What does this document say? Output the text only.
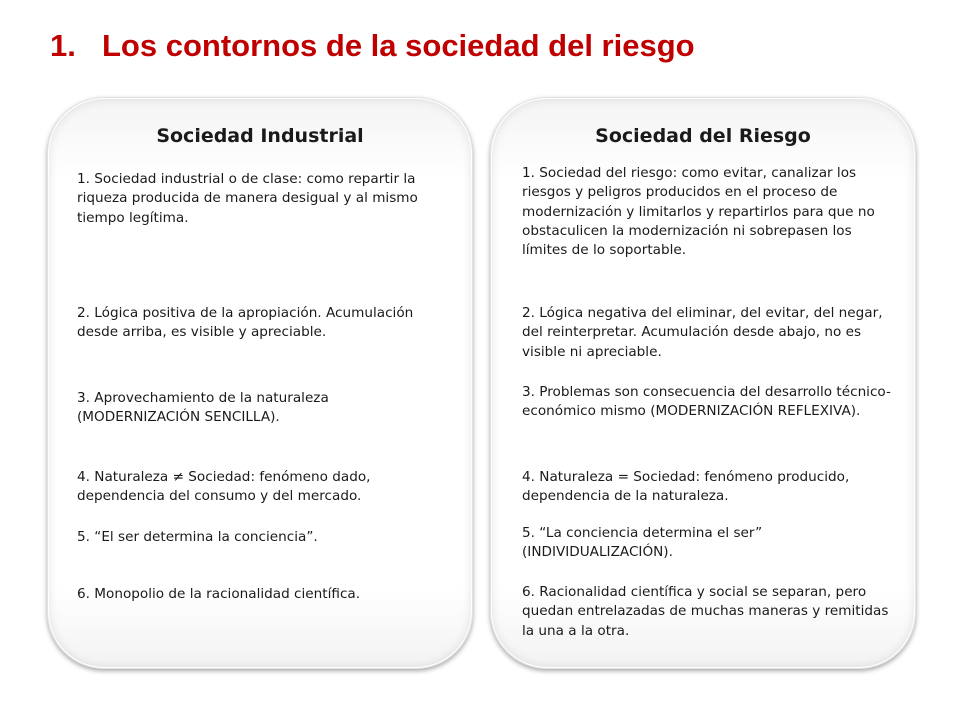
1. Los contornos de la sociedad del riesgo
Sociedad Industrial

1. Sociedad industrial o de clase: como repartir la riqueza producida de manera desigual y al mismo tiempo legítima.

2. Lógica positiva de la apropiación. Acumulación desde arriba, es visible y apreciable.

3. Aprovechamiento de la naturaleza (MODERNIZACIÓN SENCILLA).

4. Naturaleza ≠ Sociedad: fenómeno dado, dependencia del consumo y del mercado.

5. “El ser determina la conciencia”.

6. Monopolio de la racionalidad científica.

Sociedad del Riesgo

1. Sociedad del riesgo: como evitar, canalizar los riesgos y peligros producidos en el proceso de modernización y limitarlos y repartirlos para que no obstaculicen la modernización ni sobrepasen los límites de lo soportable.

2. Lógica negativa del eliminar, del evitar, del negar, del reinterpretar. Acumulación desde abajo, no es visible ni apreciable.

3. Problemas son consecuencia del desarrollo técnico-económico mismo (MODERNIZACIÓN REFLEXIVA).

4. Naturaleza = Sociedad: fenómeno producido, dependencia de la naturaleza.

5. “La conciencia determina el ser” (INDIVIDUALIZACIÓN).

6. Racionalidad científica y social se separan, pero quedan entrelazadas de muchas maneras y remitidas la una a la otra.
